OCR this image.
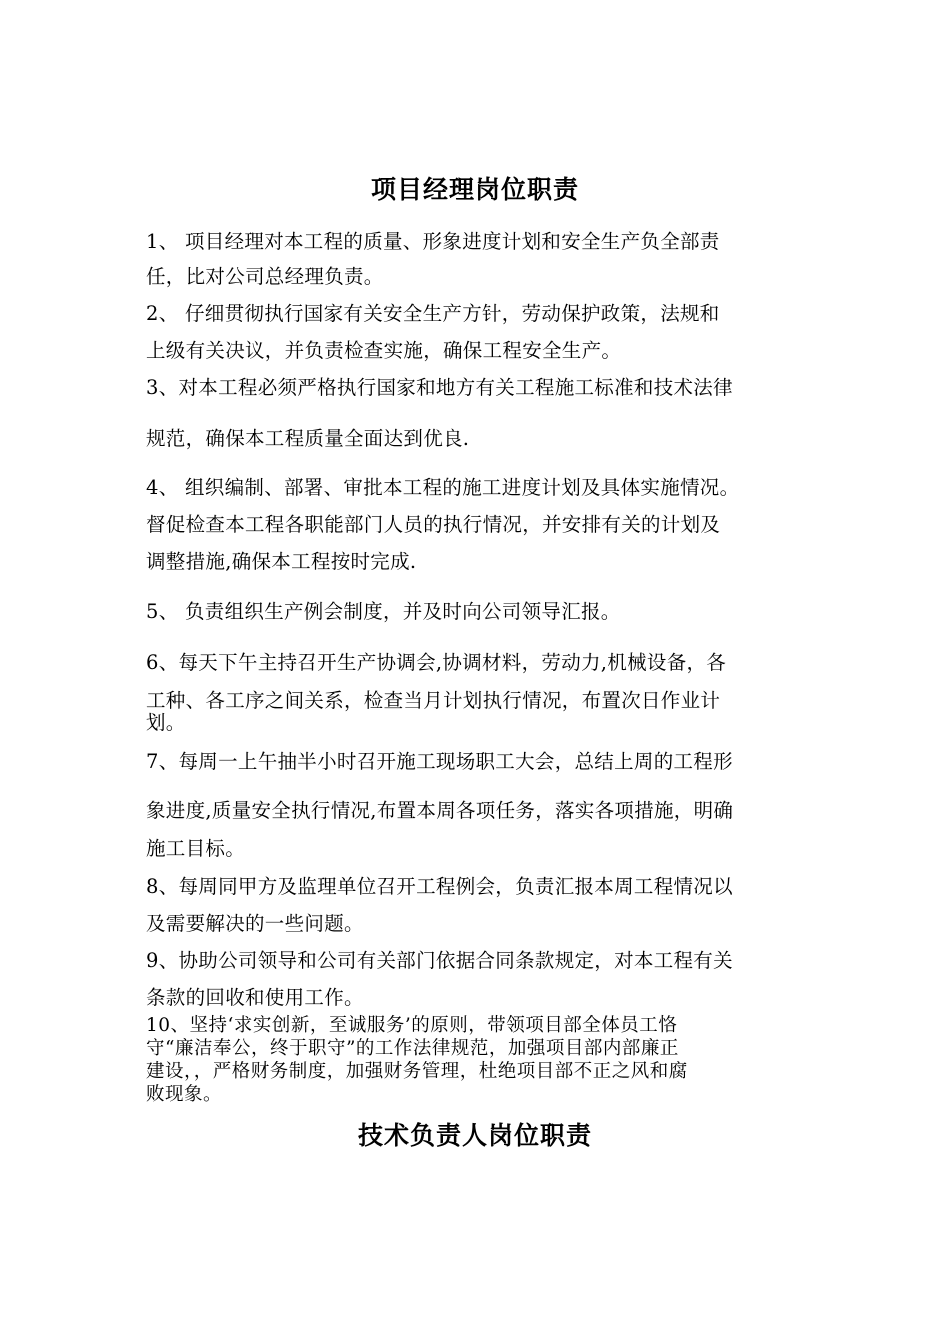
项目经理岗位职责
1、 项目经理对本工程的质量、形象进度计划和安全生产负全部责
任，比对公司总经理负责。
2、 仔细贯彻执行国家有关安全生产方针，劳动保护政策，法规和
上级有关决议，并负责检查实施，确保工程安全生产。
3、对本工程必须严格执行国家和地方有关工程施工标准和技术法律
规范，确保本工程质量全面达到优良.
4、 组织编制、部署、审批本工程的施工进度计划及具体实施情况。
督促检查本工程各职能部门人员的执行情况，并安排有关的计划及
调整措施,确保本工程按时完成.
5、 负责组织生产例会制度，并及时向公司领导汇报。
6、每天下午主持召开生产协调会,协调材料，劳动力,机械设备，各
工种、各工序之间关系，检查当月计划执行情况，布置次日作业计
划。
7、每周一上午抽半小时召开施工现场职工大会，总结上周的工程形
象进度,质量安全执行情况,布置本周各项任务，落实各项措施，明确
施工目标。
8、每周同甲方及监理单位召开工程例会，负责汇报本周工程情况以
及需要解决的一些问题。
9、协助公司领导和公司有关部门依据合同条款规定，对本工程有关
条款的回收和使用工作。
10、坚持‘求实创新，至诚服务’的原则，带领项目部全体员工恪
守“廉洁奉公，终于职守”的工作法律规范，加强项目部内部廉正
建设，，严格财务制度，加强财务管理，杜绝项目部不正之风和腐
败现象。
技术负责人岗位职责
